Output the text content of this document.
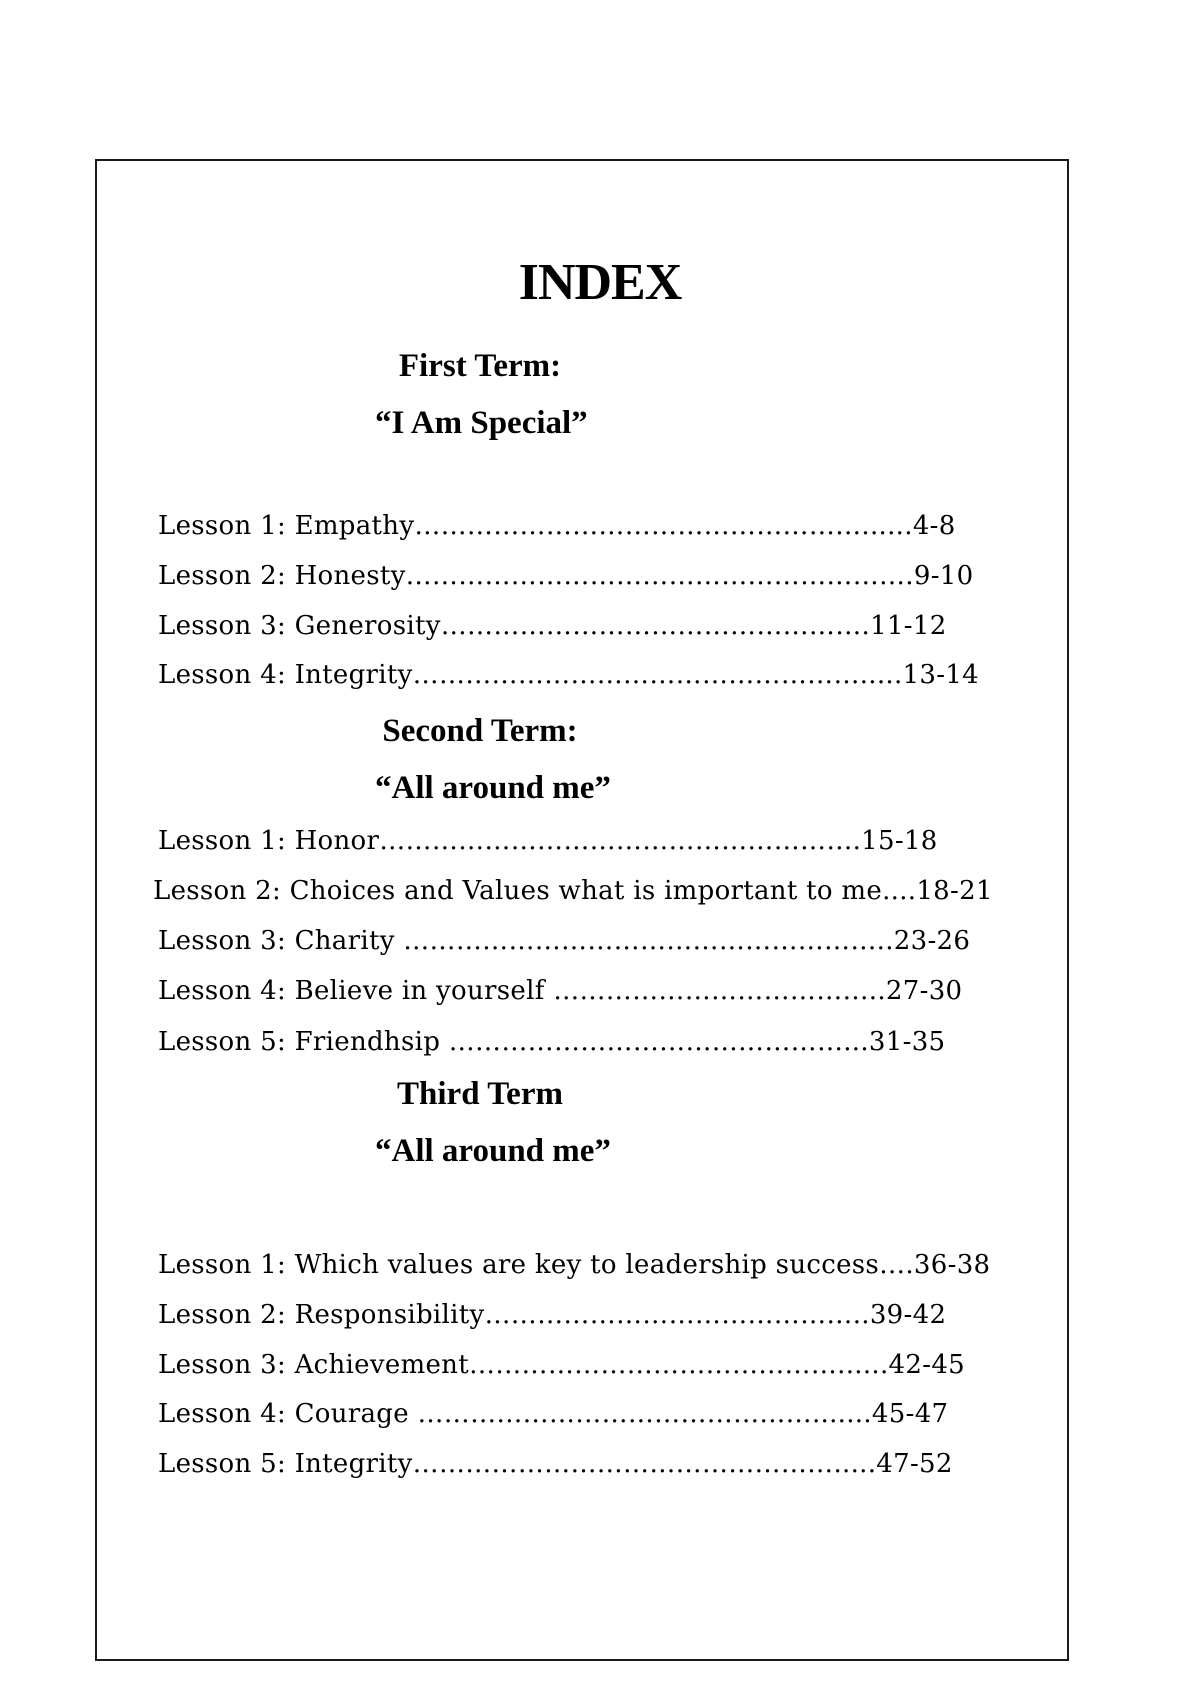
INDEX
First Term:
“I Am Special”
Lesson 1: Empathy……………………………………………......4-8
Lesson 2: Honesty………………………………………………….9-10
Lesson 3: Generosity………………………………………….11-12
Lesson 4: Integrity…………………………………………….....13-14
Second Term:
“All around me”
Lesson 1: Honor……………………………………………….15-18
Lesson 2: Choices and Values what is important to me....18-21
Lesson 3: Charity ………………………………………………..23-26
Lesson 4: Believe in yourself ………………………………..27-30
Lesson 5: Friendhsip ………………………………………...31-35
Third Term
“All around me”
Lesson 1: Which values are key to leadership success….36-38
Lesson 2: Responsibility……………………………………..39-42
Lesson 3: Achievement……………………………………......42-45
Lesson 4: Courage ……………………………………….......45-47
Lesson 5: Integrity………………………………………….....47-52
